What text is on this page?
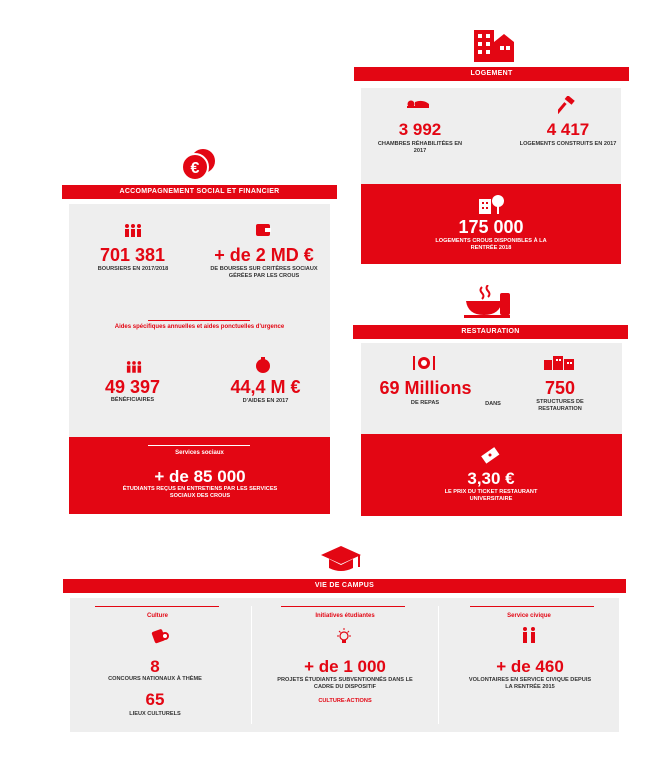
LOGEMENT
3 992
CHAMBRES RÉHABILITÉES EN 2017
4 417
LOGEMENTS CONSTRUITS EN 2017
175 000
LOGEMENTS CROUS DISPONIBLES À LA RENTRÉE 2018
€
ACCOMPAGNEMENT SOCIAL ET FINANCIER
701 381
BOURSIERS EN 2017/2018
+ de 2 MD €
DE BOURSES SUR CRITÈRES SOCIAUX GÉRÉES PAR LES CROUS
Aides spécifiques annuelles et aides ponctuelles d'urgence
49 397
BÉNÉFICIAIRES
44,4 M €
D'AIDES EN 2017
Services sociaux
+ de 85 000
ÉTUDIANTS REÇUS EN ENTRETIENS PAR LES SERVICES SOCIAUX DES CROUS
RESTAURATION
69 Millions
DE REPAS	DANS
750
STRUCTURES DE RESTAURATION
3,30 €
LE PRIX DU TICKET RESTAURANT UNIVERSITAIRE
VIE DE CAMPUS
Culture
8
CONCOURS NATIONAUX À THÈME
65
LIEUX CULTURELS
Initiatives étudiantes
+ de 1 000
PROJETS ÉTUDIANTS SUBVENTIONNÉS DANS LE CADRE DU DISPOSITIF
CULTURE-ACTIONS
Service civique
+ de 460
VOLONTAIRES EN SERVICE CIVIQUE DEPUIS LA RENTRÉE 2015
